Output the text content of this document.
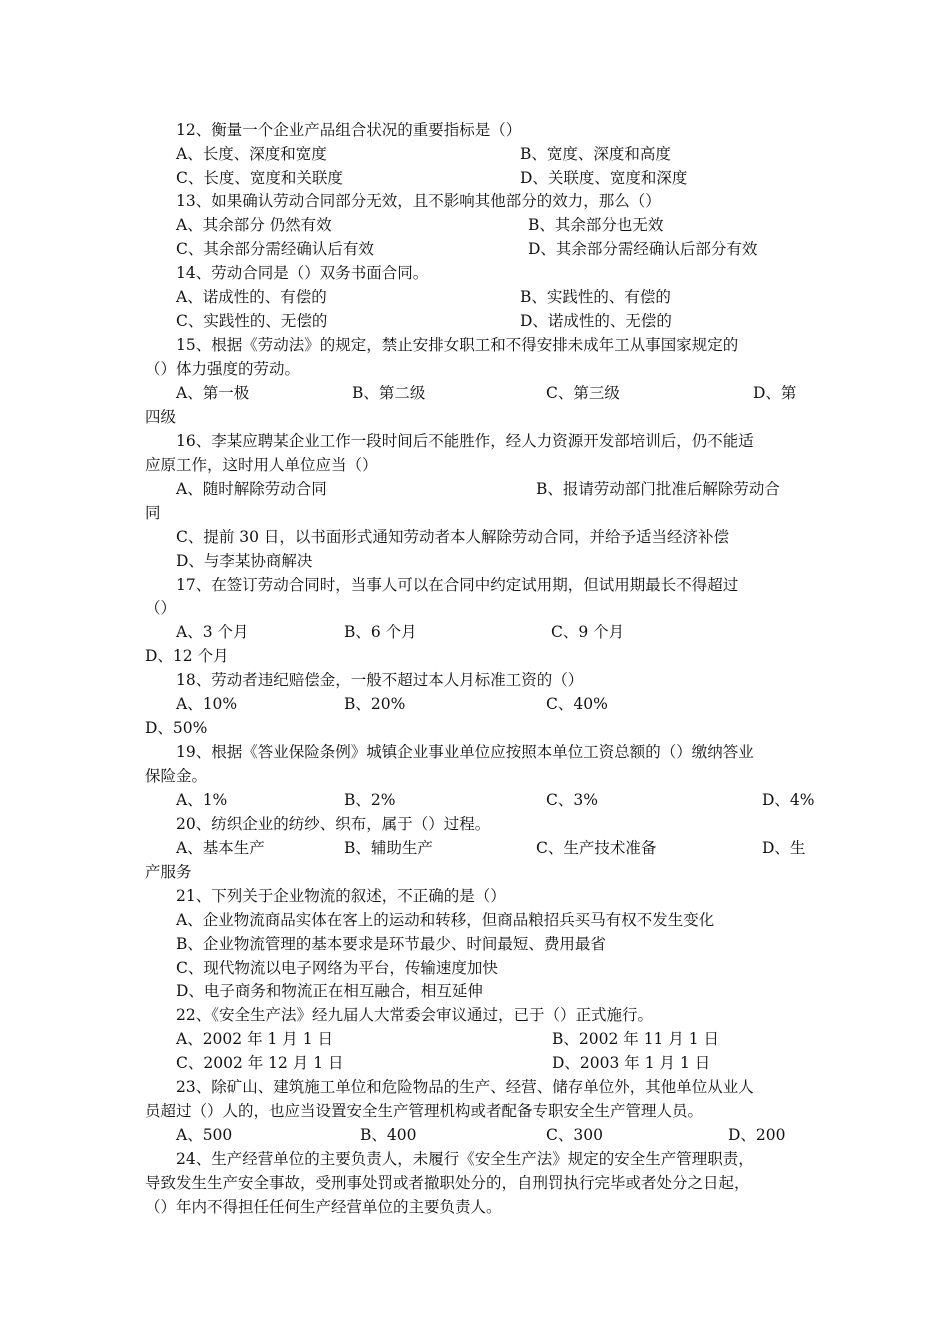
12、衡量一个企业产品组合状况的重要指标是（）
A、长度、深度和宽度	B、宽度、深度和高度
C、长度、宽度和关联度	D、关联度、宽度和深度
13、如果确认劳动合同部分无效，且不影响其他部分的效力，那么（）
A、其余部分 仍然有效	B、其余部分也无效
C、其余部分需经确认后有效	D、其余部分需经确认后部分有效
14、劳动合同是（）双务书面合同。
A、诺成性的、有偿的	B、实践性的、有偿的
C、实践性的、无偿的	D、诺成性的、无偿的
15、根据《劳动法》的规定，禁止安排女职工和不得安排未成年工从事国家规定的
（）体力强度的劳动。
A、第一极	B、第二级	C、第三级	D、第
四级
16、李某应聘某企业工作一段时间后不能胜作，经人力资源开发部培训后，仍不能适
应原工作，这时用人单位应当（）
A、随时解除劳动合同	B、报请劳动部门批准后解除劳动合
同
C、提前 30 日，以书面形式通知劳动者本人解除劳动合同，并给予适当经济补偿
D、与李某协商解决
17、在签订劳动合同时，当事人可以在合同中约定试用期，但试用期最长不得超过
（）
A、3 个月	B、6 个月	C、9 个月
D、12 个月
18、劳动者违纪赔偿金，一般不超过本人月标准工资的（）
A、10%	B、20%	C、40%
D、50%
19、根据《答业保险条例》城镇企业事业单位应按照本单位工资总额的（）缴纳答业
保险金。
A、1%	B、2%	C、3%	D、4%
20、纺织企业的纺纱、织布，属于（）过程。
A、基本生产	B、辅助生产	C、生产技术准备	D、生
产服务
21、下列关于企业物流的叙述，不正确的是（）
A、企业物流商品实体在客上的运动和转移，但商品粮招兵买马有权不发生变化
B、企业物流管理的基本要求是环节最少、时间最短、费用最省
C、现代物流以电子网络为平台，传输速度加快
D、电子商务和物流正在相互融合，相互延伸
22、《安全生产法》经九届人大常委会审议通过，已于（）正式施行。
A、2002 年 1 月 1 日	B、2002 年 11 月 1 日
C、2002 年 12 月 1 日	D、2003 年 1 月 1 日
23、除矿山、建筑施工单位和危险物品的生产、经营、储存单位外，其他单位从业人
员超过（）人的，也应当设置安全生产管理机构或者配备专职安全生产管理人员。
A、500	B、400	C、300	D、200
24、生产经营单位的主要负责人，未履行《安全生产法》规定的安全生产管理职责，
导致发生生产安全事故，受刑事处罚或者撤职处分的，自刑罚执行完毕或者处分之日起，
（）年内不得担任任何生产经营单位的主要负责人。
